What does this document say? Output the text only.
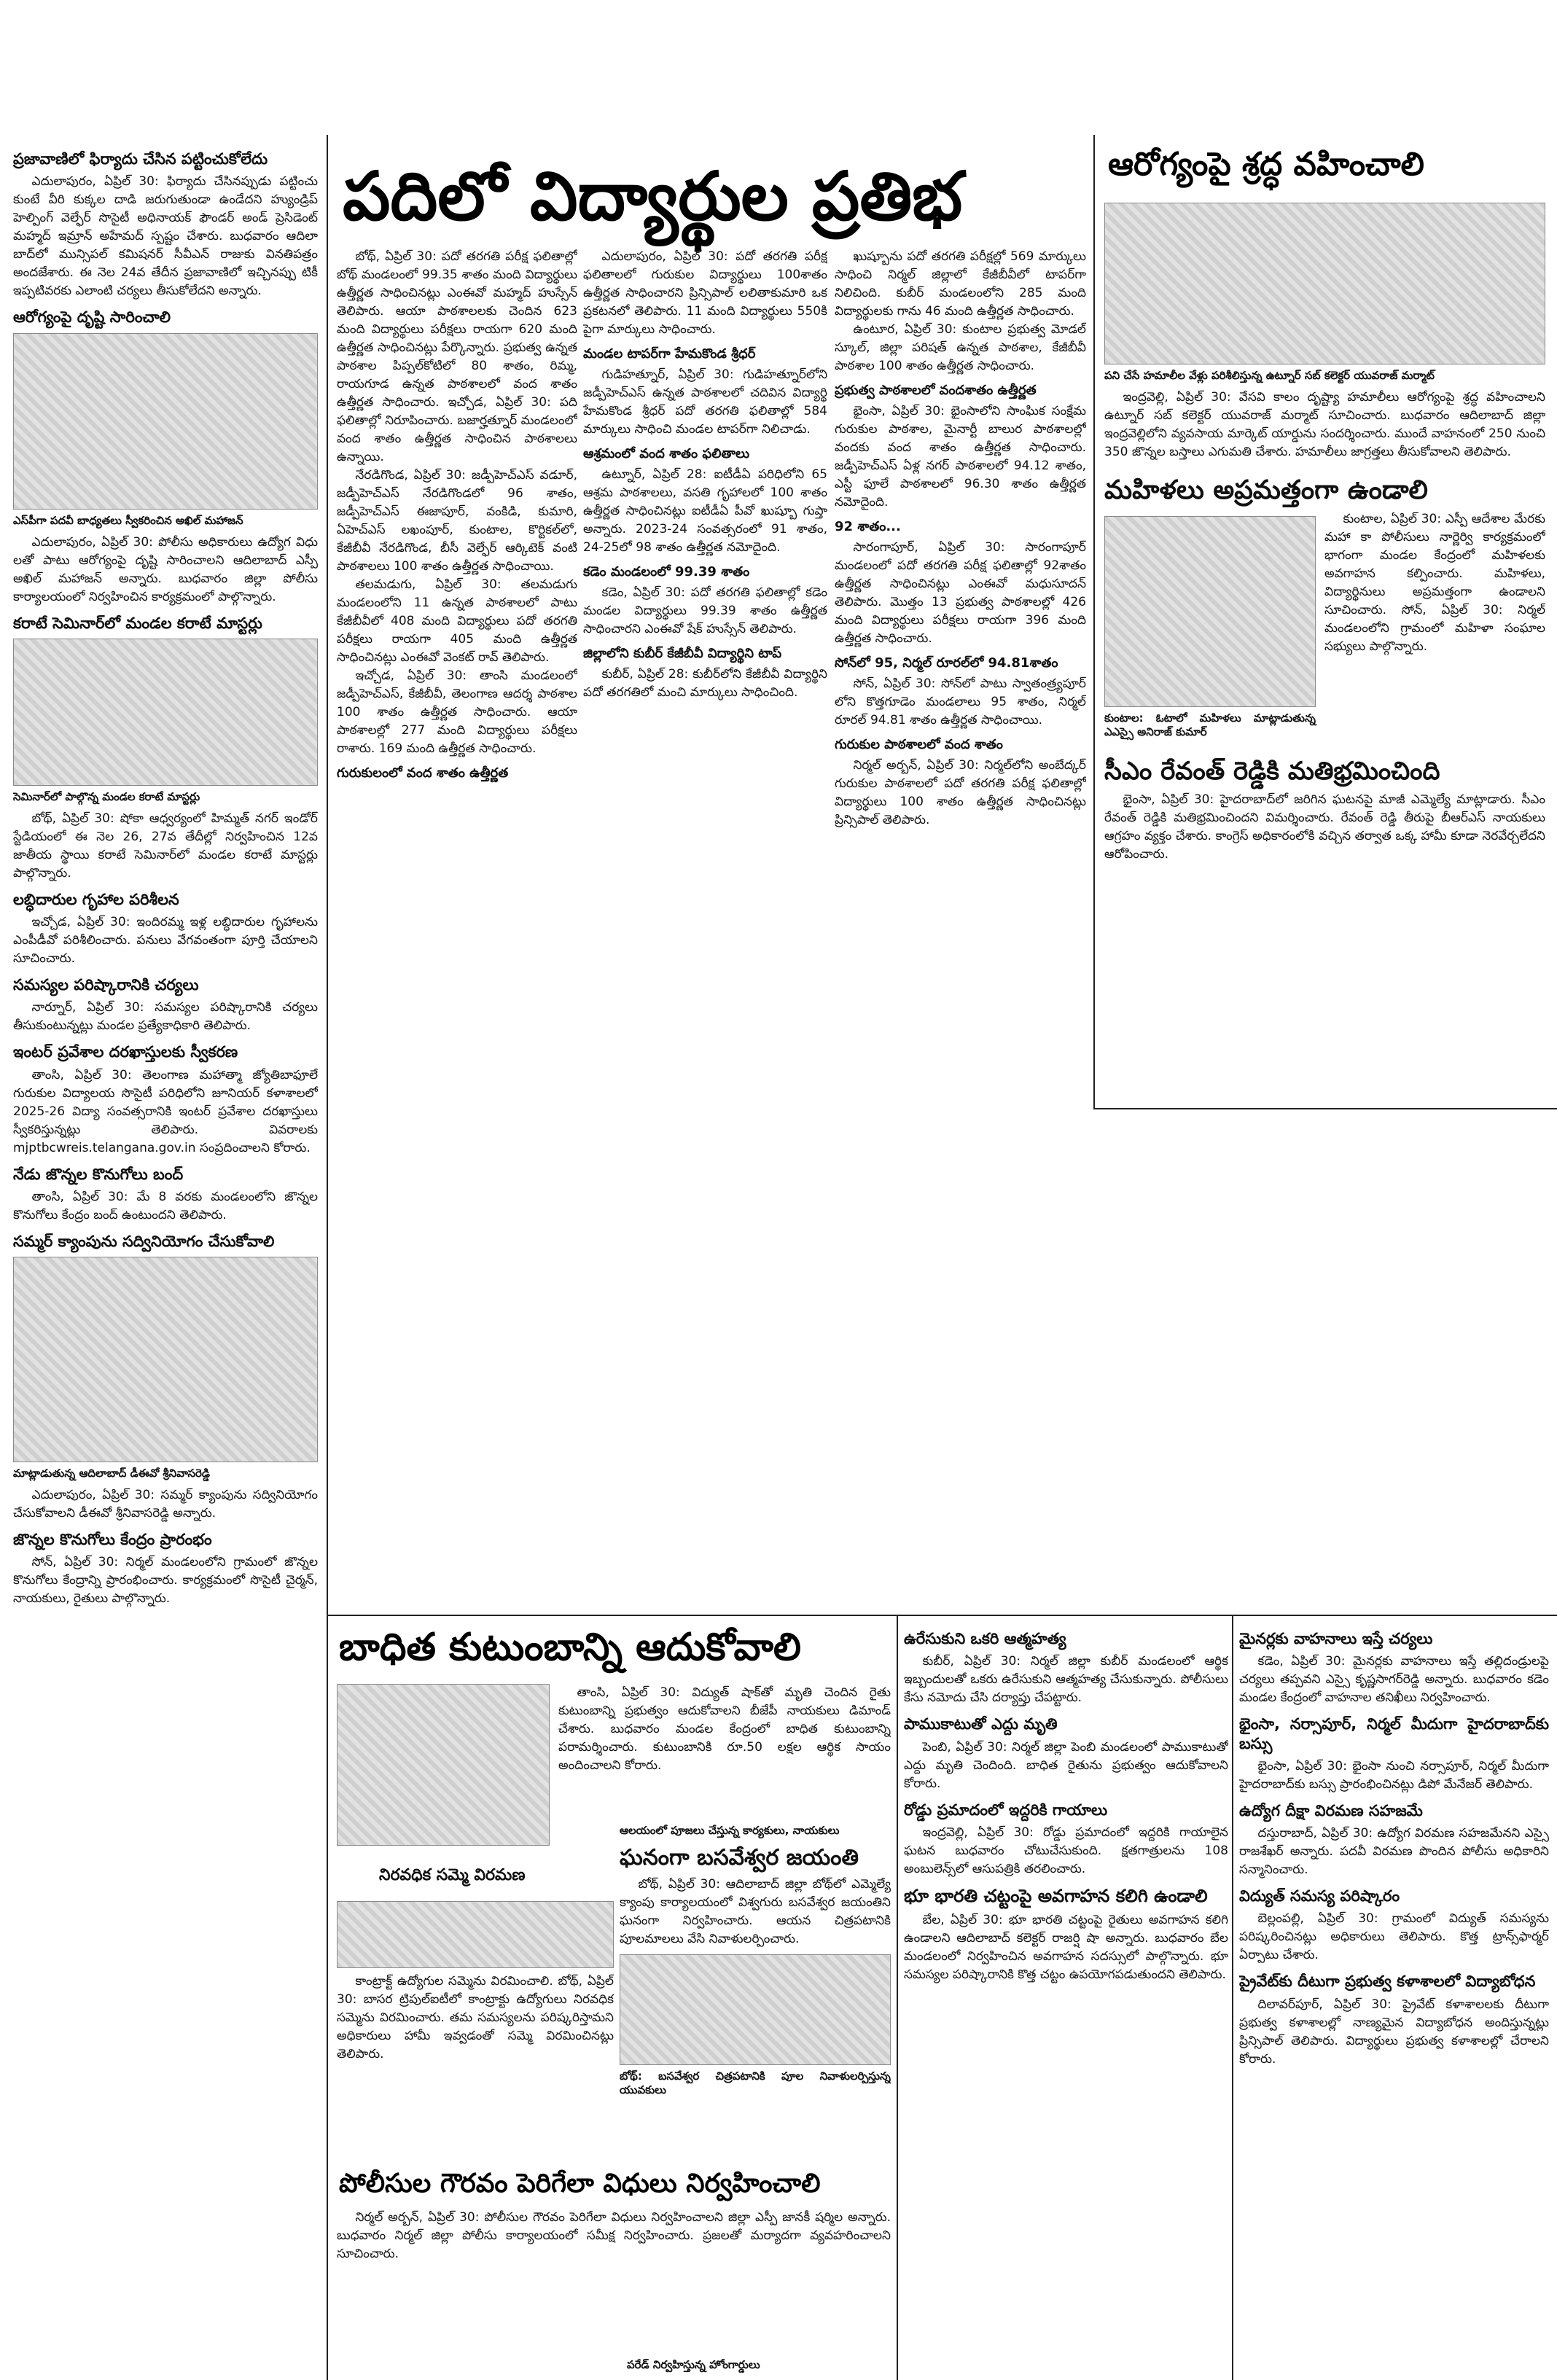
ప్రజావాణిలో ఫిర్యాదు చేసిన పట్టించుకోలేదు

ఎదులాపురం, ఏప్రిల్ 30: ఫిర్యాదు చేసినప్పుడు పట్టించు కుంటే వీరి కుక్కల దాడి జరుగుతుండా ఉండేదని హ్యుండ్రిప్ హెల్పింగ్ వెల్ఫేర్ సొసైటీ అధినాయక్ ఫౌండర్ అండ్ ప్రెసిడెంట్ మహ్మద్ ఇమ్రాన్ అహేమద్ స్పష్టం చేశారు. బుధవారం ఆదిలా బాద్‌లో మున్సిపల్ కమిషనర్ సీవీఎన్ రాజుకు వినతిపత్రం అందజేశారు. ఈ నెల 24వ తేదీన ప్రజావాణిలో ఇచ్చినప్పు టికీ ఇప్పటివరకు ఎలాంటి చర్యలు తీసుకోలేదని అన్నారు.

ఆరోగ్యంపై దృష్టి సారించాలి
ఎస్‌పీగా పదవీ బాధ్యతలు స్వీకరించిన అఖిల్ మహాజన్

ఎదులాపురం, ఏప్రిల్ 30: పోలీసు అధికారులు ఉద్యోగ విధు లతో పాటు ఆరోగ్యంపై దృష్టి సారించాలని ఆదిలాబాద్ ఎస్పీ అఖిల్ మహాజన్ అన్నారు. బుధవారం జిల్లా పోలీసు కార్యాలయంలో నిర్వహించిన కార్యక్రమంలో పాల్గొన్నారు.

కరాటే సెమినార్‌లో మండల కరాటే మాస్టర్లు
సెమినార్‌లో పాల్గొన్న మండల కరాటే మాస్టర్లు

బోథ్, ఏప్రిల్ 30: షోకా ఆధ్వర్యంలో హిమ్మత్ నగర్ ఇండోర్ స్టేడియంలో ఈ నెల 26, 27వ తేదీల్లో నిర్వహించిన 12వ జాతీయ స్థాయి కరాటే సెమినార్‌లో మండల కరాటే మాస్టర్లు పాల్గొన్నారు.

లబ్ధిదారుల గృహాల పరిశీలన

ఇచ్చోడ, ఏప్రిల్ 30: ఇందిరమ్మ ఇళ్ల లబ్ధిదారుల గృహాలను ఎంపీడీవో పరిశీలించారు. పనులు వేగవంతంగా పూర్తి చేయాలని సూచించారు.

సమస్యల పరిష్కారానికి చర్యలు

నార్నూర్, ఏప్రిల్ 30: సమస్యల పరిష్కారానికి చర్యలు తీసుకుంటున్నట్లు మండల ప్రత్యేకాధికారి తెలిపారు.

ఇంటర్ ప్రవేశాల దరఖాస్తులకు స్వీకరణ

తాంసి, ఏప్రిల్ 30: తెలంగాణ మహాత్మా జ్యోతిబాఫూలే గురుకుల విద్యాలయ సొసైటీ పరిధిలోని జూనియర్ కళాశాలలో 2025-26 విద్యా సంవత్సరానికి ఇంటర్ ప్రవేశాల దరఖాస్తులు స్వీకరిస్తున్నట్లు తెలిపారు. వివరాలకు mjptbcwreis.telangana.gov.in సంప్రదించాలని కోరారు.

నేడు జొన్నల కొనుగోలు బంద్

తాంసి, ఏప్రిల్ 30: మే 8 వరకు మండలంలోని జొన్నల కొనుగోలు కేంద్రం బంద్ ఉంటుందని తెలిపారు.

సమ్మర్ క్యాంపును సద్వినియోగం చేసుకోవాలి
మాట్లాడుతున్న ఆదిలాబాద్ డీఈవో శ్రీనివాసరెడ్డి

ఎదులాపురం, ఏప్రిల్ 30: సమ్మర్ క్యాంపును సద్వినియోగం చేసుకోవాలని డీఈవో శ్రీనివాసరెడ్డి అన్నారు.

జొన్నల కొనుగోలు కేంద్రం ప్రారంభం

సోన్, ఏప్రిల్ 30: నిర్మల్ మండలంలోని గ్రామంలో జొన్నల కొనుగోలు కేంద్రాన్ని ప్రారంభించారు. కార్యక్రమంలో సొసైటీ చైర్మన్, నాయకులు, రైతులు పాల్గొన్నారు.

పదిలో విద్యార్థుల ప్రతిభ

బోథ్, ఏప్రిల్ 30: పదో తరగతి పరీక్ష ఫలితాల్లో బోథ్ మండలంలో 99.35 శాతం మంది విద్యార్థులు ఉత్తీర్ణత సాధించినట్లు ఎంఈవో మహ్మద్ హుస్సేన్ తెలిపారు. ఆయా పాఠశాలలకు చెందిన 623 మంది విద్యార్థులు పరీక్షలు రాయగా 620 మంది ఉత్తీర్ణత సాధించినట్లు పేర్కొన్నారు. ప్రభుత్వ ఉన్నత పాఠశాల పిప్పల్‌కోటిలో 80 శాతం, రిమ్మ, రాయగూడ ఉన్నత పాఠశాలలో వంద శాతం ఉత్తీర్ణత సాధించారు. ఇచ్చోడ, ఏప్రిల్ 30: పది ఫలితాల్లో నిరూపించారు. బజార్హత్నూర్ మండలంలో వంద శాతం ఉత్తీర్ణత సాధించిన పాఠశాలలు ఉన్నాయి.

నేరడిగొండ, ఏప్రిల్ 30: జడ్పీహెచ్‌ఎస్ వడూర్, జడ్పీహెచ్‌ఎస్ నేరడిగొండలో 96 శాతం, జడ్పీహెచ్‌ఎస్ ఈజాపూర్, వంకిడి, కుమారి, ఏహెచ్‌ఎస్ లఖంపూర్, కుంటాల, కొర్టికల్‌లో, కేజీబీవీ నేరడిగొండ, బీసీ వెల్ఫేర్ ఆర్కిటెక్ వంటి పాఠశాలలు 100 శాతం ఉత్తీర్ణత సాధించాయి.

తలమడుగు, ఏప్రిల్ 30: తలమడుగు మండలంలోని 11 ఉన్నత పాఠశాలలో పాటు కేజీబీవీలో 408 మంది విద్యార్థులు పదో తరగతి పరీక్షలు రాయగా 405 మంది ఉత్తీర్ణత సాధించినట్లు ఎంఈవో వెంకట్ రావ్ తెలిపారు.

ఇచ్చోడ, ఏప్రిల్ 30: తాంసి మండలంలో జడ్పీహెచ్‌ఎస్, కేజీబీవీ, తెలంగాణ ఆదర్శ పాఠశాల 100 శాతం ఉత్తీర్ణత సాధించారు. ఆయా పాఠశాలల్లో 277 మంది విద్యార్థులు పరీక్షలు రాశారు. 169 మంది ఉత్తీర్ణత సాధించారు.

గురుకులంలో వంద శాతం ఉత్తీర్ణత

ఎదులాపురం, ఏప్రిల్ 30: పదో తరగతి పరీక్ష ఫలితాలలో గురుకుల విద్యార్థులు 100శాతం ఉత్తీర్ణత సాధించారని ప్రిన్సిపాల్ లలితాకుమారి ఒక ప్రకటనలో తెలిపారు. 11 మంది విద్యార్థులు 550కి పైగా మార్కులు సాధించారు.

మండల టాపర్‌గా హేమకొండ శ్రీధర్

గుడిహత్నూర్, ఏప్రిల్ 30: గుడిహత్నూర్‌లోని జడ్పీహెచ్‌ఎస్ ఉన్నత పాఠశాలలో చదివిన విద్యార్థి హేమకొండ శ్రీధర్ పదో తరగతి ఫలితాల్లో 584 మార్కులు సాధించి మండల టాపర్‌గా నిలిచాడు.

ఆశ్రమంలో వంద శాతం ఫలితాలు

ఉట్నూర్, ఏప్రిల్ 28: ఐటీడీఏ పరిధిలోని 65 ఆశ్రమ పాఠశాలలు, వసతి గృహాలలో 100 శాతం ఉత్తీర్ణత సాధించినట్లు ఐటీడీఏ పీవో ఖుష్బూ గుప్తా అన్నారు. 2023-24 సంవత్సరంలో 91 శాతం, 24-25లో 98 శాతం ఉత్తీర్ణత నమోదైంది.

కడెం మండలంలో 99.39 శాతం

కడెం, ఏప్రిల్ 30: పదో తరగతి ఫలితాల్లో కడెం మండల విద్యార్థులు 99.39 శాతం ఉత్తీర్ణత సాధించారని ఎంఈవో షేక్ హుస్సేన్ తెలిపారు.

జిల్లాలోని కుబీర్ కేజీబీవీ విద్యార్థిని టాప్

కుబీర్, ఏప్రిల్ 28: కుబీర్‌లోని కేజీబీవీ విద్యార్థిని పదో తరగతిలో మంచి మార్కులు సాధించింది.

ఖుష్బూను పదో తరగతి పరీక్షల్లో 569 మార్కులు సాధించి నిర్మల్ జిల్లాలో కేజీబీవీలో టాపర్‌గా నిలిచింది. కుబీర్ మండలంలోని 285 మంది విద్యార్థులకు గాను 46 మంది ఉత్తీర్ణత సాధించారు.

ఉంటూర, ఏప్రిల్ 30: కుంటాల ప్రభుత్వ మోడల్ స్కూల్, జిల్లా పరిషత్ ఉన్నత పాఠశాల, కేజీబీవీ పాఠశాల 100 శాతం ఉత్తీర్ణత సాధించారు.

ప్రభుత్వ పాఠశాలలో వందశాతం ఉత్తీర్ణత

భైంసా, ఏప్రిల్ 30: భైంసాలోని సాంఘిక సంక్షేమ గురుకుల పాఠశాల, మైనార్టీ బాలుర పాఠశాలల్లో వందకు వంద శాతం ఉత్తీర్ణత సాధించారు. జడ్పీహెచ్‌ఎస్ ఏళ్ల నగర్ పాఠశాలలో 94.12 శాతం, ఎస్టీ ఫూలే పాఠశాలలో 96.30 శాతం ఉత్తీర్ణత నమోదైంది.

92 శాతం...

సారంగాపూర్, ఏప్రిల్ 30: సారంగాపూర్ మండలంలో పదో తరగతి పరీక్ష ఫలితాల్లో 92శాతం ఉత్తీర్ణత సాధించినట్లు ఎంఈవో మధుసూదన్ తెలిపారు. మొత్తం 13 ప్రభుత్వ పాఠశాలల్లో 426 మంది విద్యార్థులు పరీక్షలు రాయగా 396 మంది ఉత్తీర్ణత సాధించారు.

సోన్‌లో 95, నిర్మల్ రూరల్‌లో 94.81శాతం

సోన్, ఏప్రిల్ 30: సోన్‌లో పాటు స్వాతంత్ర్యపూర్ లోని కొత్తగూడెం మండలాలు 95 శాతం, నిర్మల్ రూరల్ 94.81 శాతం ఉత్తీర్ణత సాధించాయి.

గురుకుల పాఠశాలలో వంద శాతం

నిర్మల్ అర్బన్, ఏప్రిల్ 30: నిర్మల్‌లోని అంబేద్కర్ గురుకుల పాఠశాలలో పదో తరగతి పరీక్ష ఫలితాల్లో విద్యార్థులు 100 శాతం ఉత్తీర్ణత సాధించినట్లు ప్రిన్సిపాల్ తెలిపారు.

ఆరోగ్యంపై శ్రద్ధ వహించాలి
పని చేసే హమాలీల వేళ్లు పరిశీలిస్తున్న ఉట్నూర్ సబ్ కలెక్టర్ యువరాజ్ మర్మాట్

ఇంద్రవెల్లి, ఏప్రిల్ 30: వేసవి కాలం దృష్ట్యా హమాలీలు ఆరోగ్యంపై శ్రద్ధ వహించాలని ఉట్నూర్ సబ్ కలెక్టర్ యువరాజ్ మర్మాట్ సూచించారు. బుధవారం ఆదిలాబాద్ జిల్లా ఇంద్రవెల్లిలోని వ్యవసాయ మార్కెట్ యార్డును సందర్శించారు. ముందే వాహనంలో 250 నుంచి 350 జొన్నల బస్తాలు ఎగుమతి చేశారు. హమాలీలు జాగ్రత్తలు తీసుకోవాలని తెలిపారు.

మహిళలు అప్రమత్తంగా ఉండాలి
కుంటాల: ఓటాలో మహిళలు మాట్లాడుతున్న ఎఎస్సై అనిరాజ్ కుమార్

కుంటాల, ఏప్రిల్ 30: ఎస్పీ ఆదేశాల మేరకు మహా కా పోలీసులు నార్ణెర్వి కార్యక్రమంలో భాగంగా మండల కేంద్రంలో మహిళలకు అవగాహన కల్పించారు. మహిళలు, విద్యార్థినులు అప్రమత్తంగా ఉండాలని సూచించారు. సోన్, ఏప్రిల్ 30: నిర్మల్ మండలంలోని గ్రామంలో మహిళా సంఘాల సభ్యులు పాల్గొన్నారు.

సీఎం రేవంత్ రెడ్డికి మతిభ్రమించింది

భైంసా, ఏప్రిల్ 30: హైదరాబాద్‌లో జరిగిన ఘటనపై మాజీ ఎమ్మెల్యే మాట్లాడారు. సీఎం రేవంత్ రెడ్డికి మతిభ్రమించిందని విమర్శించారు. రేవంత్ రెడ్డి తీరుపై బీఆర్ఎస్ నాయకులు ఆగ్రహం వ్యక్తం చేశారు. కాంగ్రెస్ అధికారంలోకి వచ్చిన తర్వాత ఒక్క హామీ కూడా నెరవేర్చలేదని ఆరోపించారు.

బాధిత కుటుంబాన్ని ఆదుకోవాలి

తాంసి, ఏప్రిల్ 30: విద్యుత్ షాక్‌తో మృతి చెందిన రైతు కుటుంబాన్ని ప్రభుత్వం ఆదుకోవాలని బీజేపీ నాయకులు డిమాండ్ చేశారు. బుధవారం మండల కేంద్రంలో బాధిత కుటుంబాన్ని పరామర్శించారు. కుటుంబానికి రూ.50 లక్షల ఆర్థిక సాయం అందించాలని కోరారు.

నిరవధిక సమ్మె విరమణ

కాంట్రాక్ట్ ఉద్యోగుల సమ్మెను విరమించాలి. బోథ్, ఏప్రిల్ 30: బాసర ట్రిపుల్ఐటీలో కాంట్రాక్టు ఉద్యోగులు నిరవధిక సమ్మెను విరమించారు. తమ సమస్యలను పరిష్కరిస్తామని అధికారులు హామీ ఇవ్వడంతో సమ్మె విరమించినట్లు తెలిపారు.

ఆలయంలో పూజలు చేస్తున్న కార్యకులు, నాయకులు
ఘనంగా బసవేశ్వర జయంతి

బోథ్, ఏప్రిల్ 30: ఆదిలాబాద్ జిల్లా బోథ్‌లో ఎమ్మెల్యే క్యాంపు కార్యాలయంలో విశ్వగురు బసవేశ్వర జయంతిని ఘనంగా నిర్వహించారు. ఆయన చిత్రపటానికి పూలమాలలు వేసి నివాళులర్పించారు.

బోథ్: బసవేశ్వర చిత్రపటానికి పూల నివాళులర్పిస్తున్న యువకులు
పోలీసుల గౌరవం పెరిగేలా విధులు నిర్వహించాలి

నిర్మల్ అర్బన్, ఏప్రిల్ 30: పోలీసుల గౌరవం పెరిగేలా విధులు నిర్వహించాలని జిల్లా ఎస్పీ జానకీ షర్మిల అన్నారు. బుధవారం నిర్మల్ జిల్లా పోలీసు కార్యాలయంలో సమీక్ష నిర్వహించారు. ప్రజలతో మర్యాదగా వ్యవహరించాలని సూచించారు.

పరేడ్ నిర్వహిస్తున్న హోంగార్డులు
ఉరేసుకుని ఒకరి ఆత్మహత్య

కుబీర్, ఏప్రిల్ 30: నిర్మల్ జిల్లా కుబీర్ మండలంలో ఆర్థిక ఇబ్బందులతో ఒకరు ఉరేసుకుని ఆత్మహత్య చేసుకున్నారు. పోలీసులు కేసు నమోదు చేసి దర్యాప్తు చేపట్టారు.

పాముకాటుతో ఎద్దు మృతి

పెంబి, ఏప్రిల్ 30: నిర్మల్ జిల్లా పెంబి మండలంలో పాముకాటుతో ఎద్దు మృతి చెందింది. బాధిత రైతును ప్రభుత్వం ఆదుకోవాలని కోరారు.

రోడ్డు ప్రమాదంలో ఇద్దరికి గాయాలు

ఇంద్రవెల్లి, ఏప్రిల్ 30: రోడ్డు ప్రమాదంలో ఇద్దరికి గాయాలైన ఘటన బుధవారం చోటుచేసుకుంది. క్షతగాత్రులను 108 అంబులెన్స్‌లో ఆసుపత్రికి తరలించారు.

భూ భారతి చట్టంపై అవగాహన కలిగి ఉండాలి

బేల, ఏప్రిల్ 30: భూ భారతి చట్టంపై రైతులు అవగాహన కలిగి ఉండాలని ఆదిలాబాద్ కలెక్టర్ రాజర్షి షా అన్నారు. బుధవారం బేల మండలంలో నిర్వహించిన అవగాహన సదస్సులో పాల్గొన్నారు. భూ సమస్యల పరిష్కారానికి కొత్త చట్టం ఉపయోగపడుతుందని తెలిపారు.

మైనర్లకు వాహనాలు ఇస్తే చర్యలు

కడెం, ఏప్రిల్ 30: మైనర్లకు వాహనాలు ఇస్తే తల్లిదండ్రులపై చర్యలు తప్పవని ఎస్సై కృష్ణసాగర్‌రెడ్డి అన్నారు. బుధవారం కడెం మండల కేంద్రంలో వాహనాల తనిఖీలు నిర్వహించారు.

భైంసా, నర్సాపూర్, నిర్మల్ మీదుగా హైదరాబాద్‌కు బస్సు

భైంసా, ఏప్రిల్ 30: భైంసా నుంచి నర్సాపూర్, నిర్మల్ మీదుగా హైదరాబాద్‌కు బస్సు ప్రారంభించినట్లు డిపో మేనేజర్ తెలిపారు.

ఉద్యోగ దీక్షా విరమణ సహజమే

దస్తురాబాద్, ఏప్రిల్ 30: ఉద్యోగ విరమణ సహజమేనని ఎస్సై రాజశేఖర్ అన్నారు. పదవీ విరమణ పొందిన పోలీసు అధికారిని సన్మానించారు.

విద్యుత్ సమస్య పరిష్కారం

బెల్లంపల్లి, ఏప్రిల్ 30: గ్రామంలో విద్యుత్ సమస్యను పరిష్కరించినట్లు అధికారులు తెలిపారు. కొత్త ట్రాన్స్‌ఫార్మర్ ఏర్పాటు చేశారు.

ప్రైవేట్‌కు దీటుగా ప్రభుత్వ కళాశాలలో విద్యాబోధన

దిలావర్‌పూర్, ఏప్రిల్ 30: ప్రైవేట్ కళాశాలలకు దీటుగా ప్రభుత్వ కళాశాలల్లో నాణ్యమైన విద్యాబోధన అందిస్తున్నట్లు ప్రిన్సిపాల్ తెలిపారు. విద్యార్థులు ప్రభుత్వ కళాశాలల్లో చేరాలని కోరారు.
